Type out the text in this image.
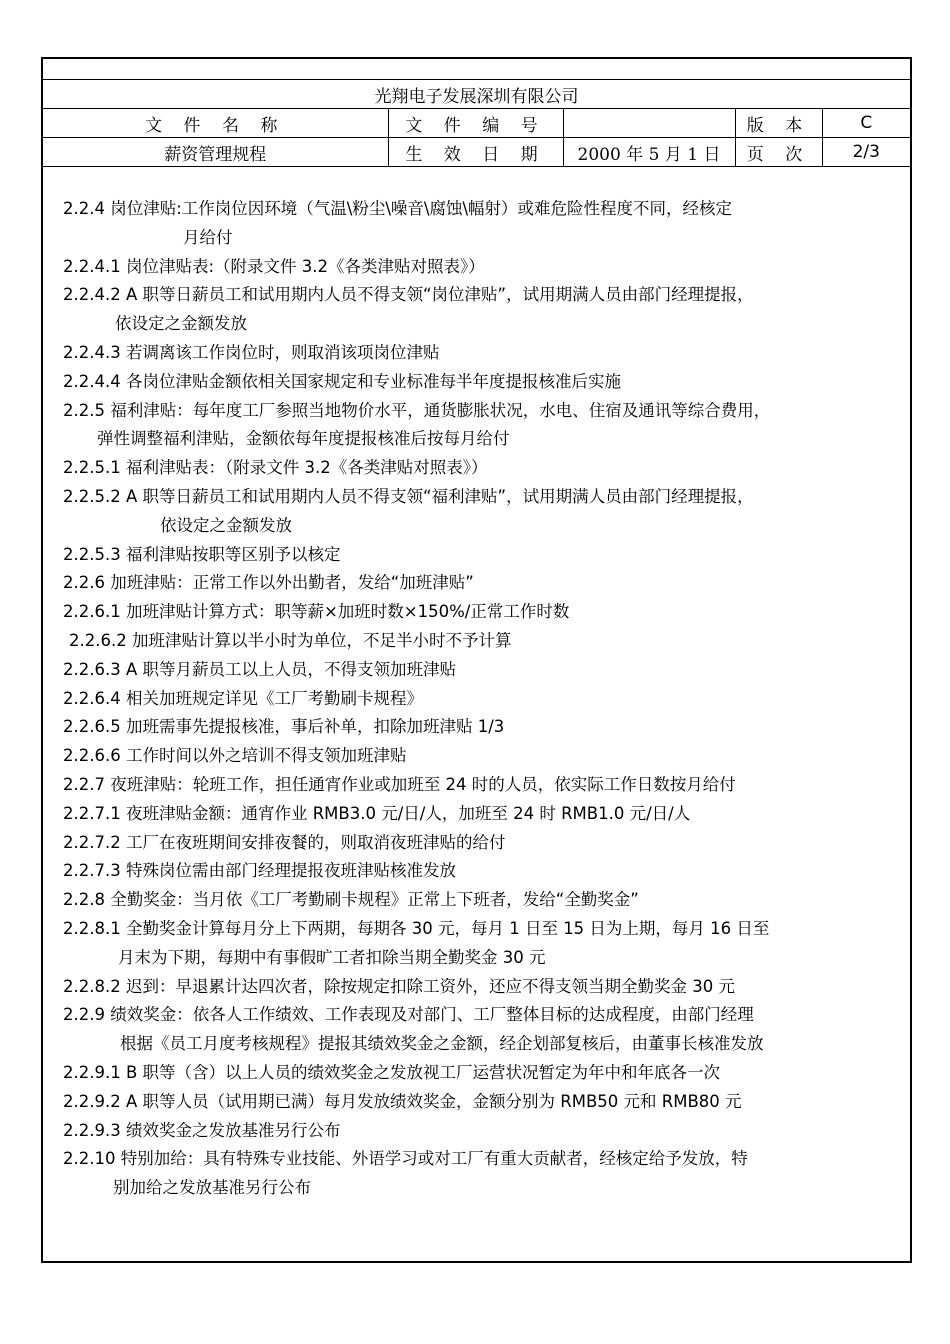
光翔电子发展深圳有限公司				
文 件 名 称	文 件 编 号		版 本	C
薪资管理规程	生 效 日 期	2000 年 5 月 1 日	页 次	2/3

2.2.4 岗位津贴:工作岗位因环境（气温\粉尘\噪音\腐蚀\幅射）或难危险性程度不同，经核定

月给付

2.2.4.1 岗位津贴表:（附录文件 3.2《各类津贴对照表》）

2.2.4.2 A 职等日薪员工和试用期内人员不得支领“岗位津贴”，试用期满人员由部门经理提报，

依设定之金额发放

2.2.4.3 若调离该工作岗位时，则取消该项岗位津贴

2.2.4.4 各岗位津贴金额依相关国家规定和专业标准每半年度提报核准后实施

2.2.5 福利津贴：每年度工厂参照当地物价水平，通货膨胀状况，水电、住宿及通讯等综合费用，

弹性调整福利津贴，金额依每年度提报核准后按每月给付

2.2.5.1 福利津贴表：（附录文件 3.2《各类津贴对照表》）

2.2.5.2 A 职等日薪员工和试用期内人员不得支领“福利津贴”，试用期满人员由部门经理提报，

依设定之金额发放

2.2.5.3 福利津贴按职等区别予以核定

2.2.6 加班津贴：正常工作以外出勤者，发给“加班津贴”

2.2.6.1 加班津贴计算方式：职等薪×加班时数×150%/正常工作时数

2.2.6.2 加班津贴计算以半小时为单位，不足半小时不予计算

2.2.6.3 A 职等月薪员工以上人员，不得支领加班津贴

2.2.6.4 相关加班规定详见《工厂考勤刷卡规程》

2.2.6.5 加班需事先提报核准，事后补单，扣除加班津贴 1/3

2.2.6.6 工作时间以外之培训不得支领加班津贴

2.2.7 夜班津贴：轮班工作，担任通宵作业或加班至 24 时的人员，依实际工作日数按月给付

2.2.7.1 夜班津贴金额：通宵作业 RMB3.0 元/日/人，加班至 24 时 RMB1.0 元/日/人

2.2.7.2 工厂在夜班期间安排夜餐的，则取消夜班津贴的给付

2.2.7.3 特殊岗位需由部门经理提报夜班津贴核准发放

2.2.8 全勤奖金：当月依《工厂考勤刷卡规程》正常上下班者，发给“全勤奖金”

2.2.8.1 全勤奖金计算每月分上下两期，每期各 30 元，每月 1 日至 15 日为上期，每月 16 日至

月末为下期，每期中有事假旷工者扣除当期全勤奖金 30 元

2.2.8.2 迟到：早退累计达四次者，除按规定扣除工资外，还应不得支领当期全勤奖金 30 元

2.2.9 绩效奖金：依各人工作绩效、工作表现及对部门、工厂整体目标的达成程度，由部门经理

根据《员工月度考核规程》提报其绩效奖金之金额，经企划部复核后，由董事长核准发放

2.2.9.1 B 职等（含）以上人员的绩效奖金之发放视工厂运营状况暂定为年中和年底各一次

2.2.9.2 A 职等人员（试用期已满）每月发放绩效奖金，金额分别为 RMB50 元和 RMB80 元

2.2.9.3 绩效奖金之发放基准另行公布

2.2.10 特别加给：具有特殊专业技能、外语学习或对工厂有重大贡献者，经核定给予发放，特

别加给之发放基准另行公布
